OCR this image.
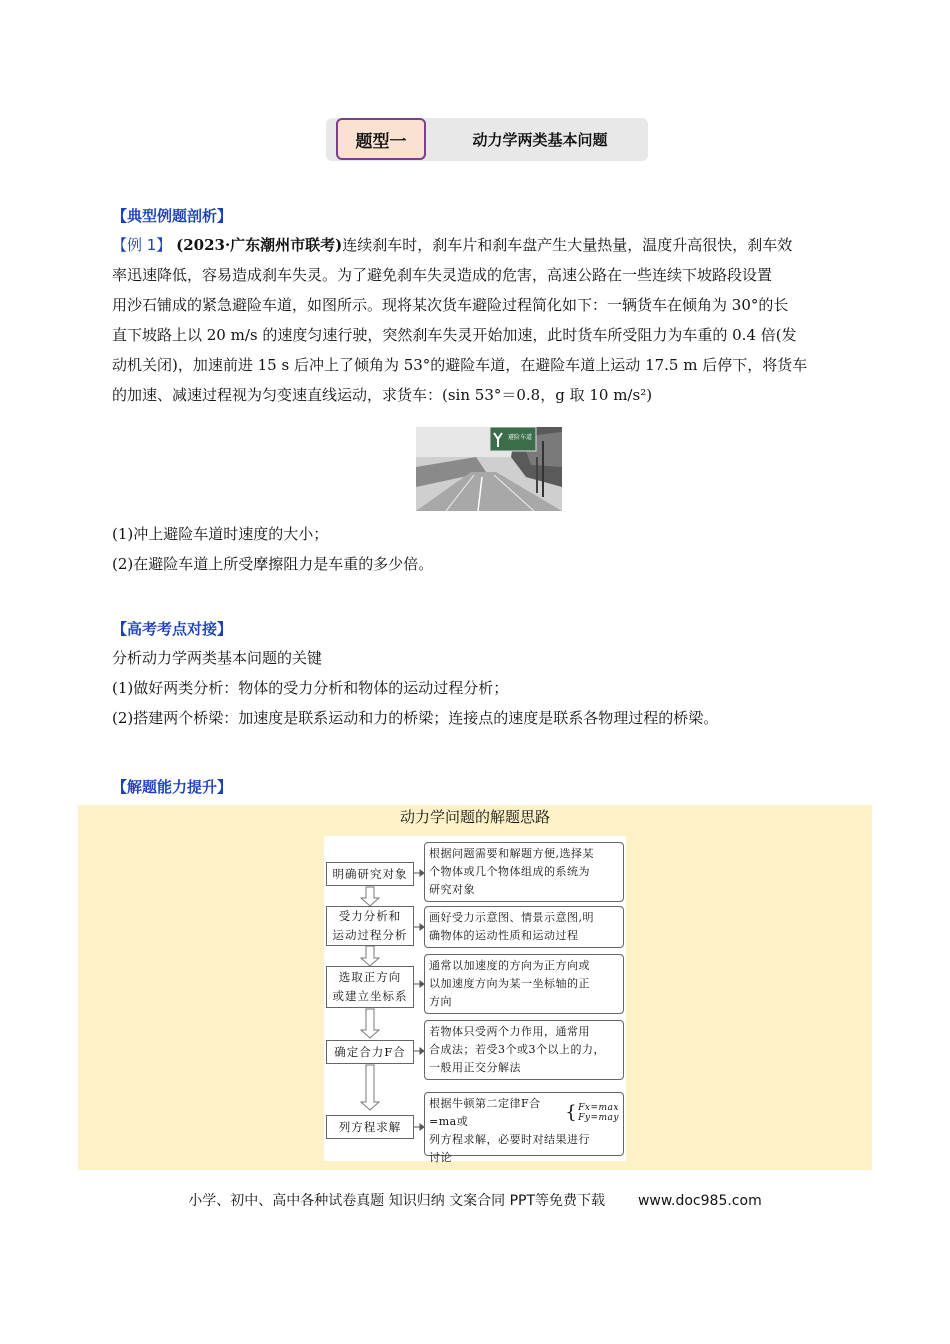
题型一	动力学两类基本问题
【典型例题剖析】
【例 1】 (2023·广东潮州市联考)连续刹车时，刹车片和刹车盘产生大量热量，温度升高很快，刹车效
率迅速降低，容易造成刹车失灵。为了避免刹车失灵造成的危害，高速公路在一些连续下坡路段设置
用沙石铺成的紧急避险车道，如图所示。现将某次货车避险过程简化如下：一辆货车在倾角为 30°的长
直下坡路上以 20 m/s 的速度匀速行驶，突然刹车失灵开始加速，此时货车所受阻力为车重的 0.4 倍(发
动机关闭)，加速前进 15 s 后冲上了倾角为 53°的避险车道，在避险车道上运动 17.5 m 后停下，将货车
的加速、减速过程视为匀变速直线运动，求货车：(sin 53°＝0.8，g 取 10 m/s²)
避险车道
(1)冲上避险车道时速度的大小；
(2)在避险车道上所受摩擦阻力是车重的多少倍。
【高考考点对接】
分析动力学两类基本问题的关键
(1)做好两类分析：物体的受力分析和物体的运动过程分析；
(2)搭建两个桥梁：加速度是联系运动和力的桥梁；连接点的速度是联系各物理过程的桥梁。
【解题能力提升】
动力学问题的解题思路
明确研究对象
根据问题需要和解题方便,选择某
个物体或几个物体组成的系统为
研究对象
受力分析和
运动过程分析
画好受力示意图、情景示意图,明
确物体的运动性质和运动过程
选取正方向
或建立坐标系
通常以加速度的方向为正方向或
以加速度方向为某一坐标轴的正
方向
确定合力F合
若物体只受两个力作用，通常用
合成法；若受3个或3个以上的力，
一般用正交分解法
列方程求解
根据牛顿第二定律F合=ma或	{ Fx=max
Fy=may
列方程求解，必要时对结果进行
讨论
小学、初中、高中各种试卷真题 知识归纳 文案合同 PPT等免费下载 www.doc985.com
